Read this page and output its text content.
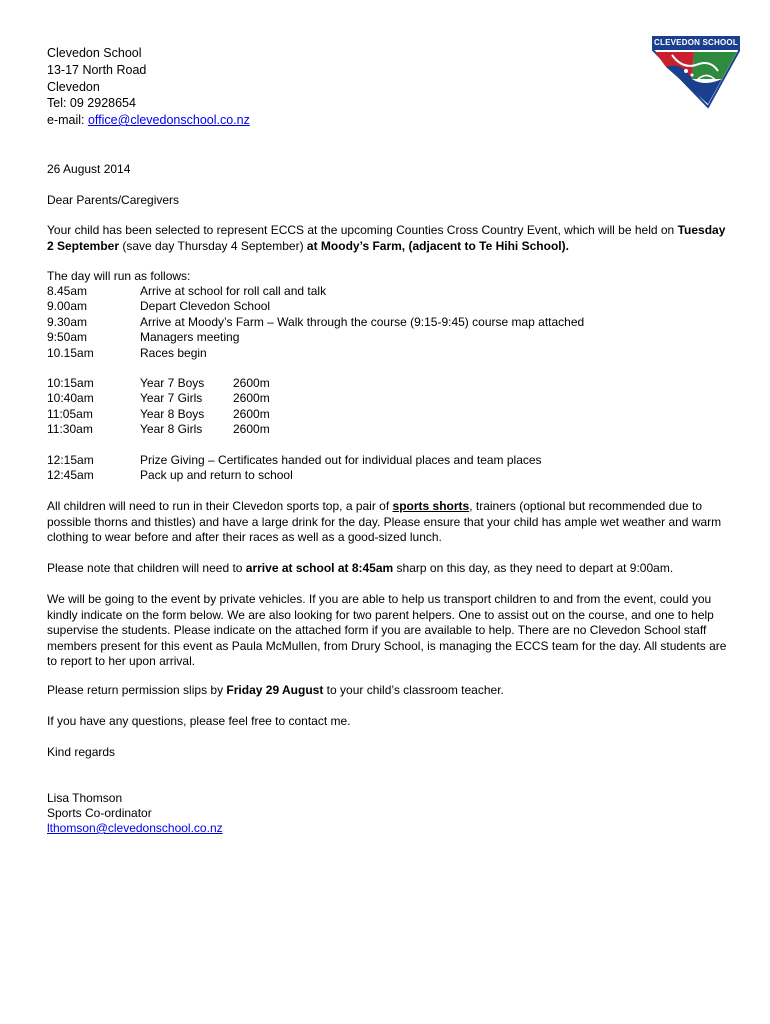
Clevedon School
13-17 North Road
Clevedon
Tel: 09 2928654
e-mail: office@clevedonschool.co.nz
CLEVEDON SCHOOL
26 August 2014
Dear Parents/Caregivers
Your child has been selected to represent ECCS at the upcoming Counties Cross Country Event, which will be held on Tuesday 2 September (save day Thursday 4 September) at Moody’s Farm, (adjacent to Te Hihi School).
The day will run as follows:
8.45am	Arrive at school for roll call and talk
9.00am	Depart Clevedon School
9.30am	Arrive at Moody’s Farm – Walk through the course (9:15-9:45) course map attached
9:50am	Managers meeting
10.15am	Races begin
10:15am	Year 7 Boys 2600m
10:40am	Year 7 Girls	2600m
11:05am	Year 8 Boys 2600m
11:30am	Year 8 Girls	2600m
12:15am	Prize Giving – Certificates handed out for individual places and team places
12:45am	Pack up and return to school
All children will need to run in their Clevedon sports top, a pair of sports shorts, trainers (optional but recommended due to possible thorns and thistles) and have a large drink for the day. Please ensure that your child has ample wet weather and warm clothing to wear before and after their races as well as a good-sized lunch.
Please note that children will need to arrive at school at 8:45am sharp on this day, as they need to depart at 9:00am.
We will be going to the event by private vehicles. If you are able to help us transport children to and from the event, could you kindly indicate on the form below. We are also looking for two parent helpers. One to assist out on the course, and one to help supervise the students. Please indicate on the attached form if you are available to help. There are no Clevedon School staff members present for this event as Paula McMullen, from Drury School, is managing the ECCS team for the day. All students are to report to her upon arrival.
Please return permission slips by Friday 29 August to your child’s classroom teacher.
If you have any questions, please feel free to contact me.
Kind regards
Lisa Thomson
Sports Co-ordinator
lthomson@clevedonschool.co.nz
